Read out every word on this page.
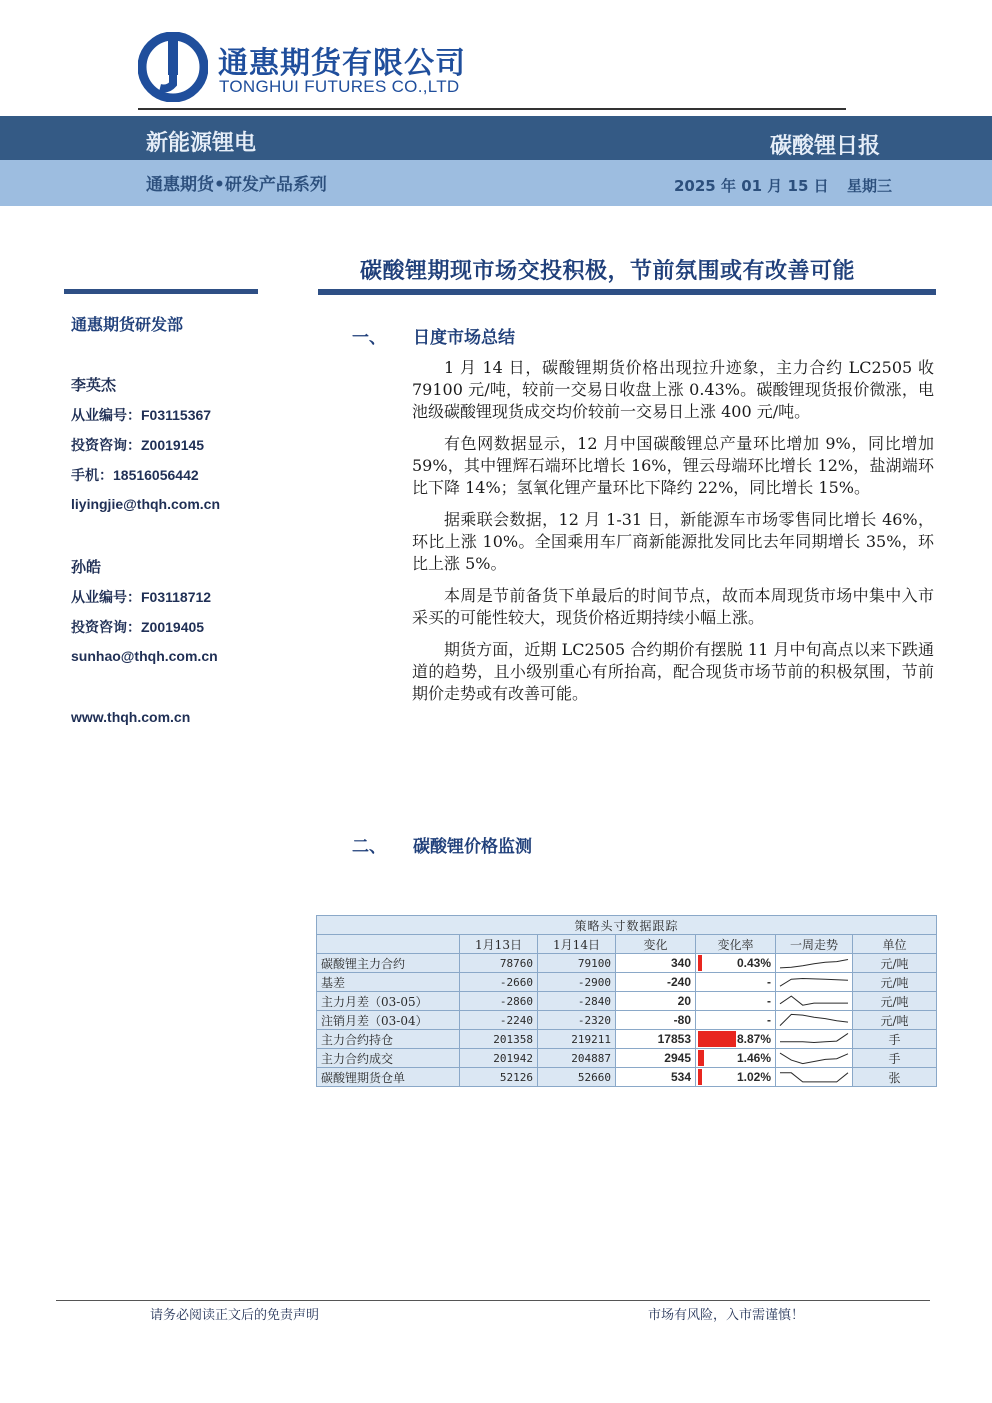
通惠期货有限公司
TONGHUI FUTURES CO.,LTD
新能源锂电	碳酸锂日报
通惠期货•研发产品系列	2025 年 01 月 15 日 星期三
碳酸锂期现市场交投积极，节前氛围或有改善可能
通惠期货研发部
李英杰
从业编号：F03115367
投资咨询：Z0019145
手机：18516056442
liyingjie@thqh.com.cn
孙皓
从业编号：F03118712
投资咨询：Z0019405
sunhao@thqh.com.cn
www.thqh.com.cn
一、 日度市场总结

1 月 14 日，碳酸锂期货价格出现拉升迹象，主力合约 LC2505 收 79100 元/吨，较前一交易日收盘上涨 0.43%。碳酸锂现货报价微涨，电池级碳酸锂现货成交均价较前一交易日上涨 400 元/吨。

有色网数据显示，12 月中国碳酸锂总产量环比增加 9%，同比增加 59%，其中锂辉石端环比增长 16%，锂云母端环比增长 12%，盐湖端环比下降 14%；氢氧化锂产量环比下降约 22%，同比增长 15%。

据乘联会数据，12 月 1-31 日，新能源车市场零售同比增长 46%，环比上涨 10%。全国乘用车厂商新能源批发同比去年同期增长 35%，环比上涨 5%。

本周是节前备货下单最后的时间节点，故而本周现货市场中集中入市采买的可能性较大，现货价格近期持续小幅上涨。

期货方面，近期 LC2505 合约期价有摆脱 11 月中旬高点以来下跌通道的趋势，且小级别重心有所抬高，配合现货市场节前的积极氛围，节前期价走势或有改善可能。

二、 碳酸锂价格监测
策略头寸数据跟踪						
	1月13日	1月14日	变化	变化率	一周走势	单位
碳酸锂主力合约	78760	79100	340	0.43%		元/吨
基差	-2660	-2900	-240	-		元/吨
主力月差（03-05）	-2860	-2840	20	-		元/吨
注销月差（03-04）	-2240	-2320	-80	-		元/吨
主力合约持仓	201358	219211	17853	8.87%		手
主力合约成交	201942	204887	2945	1.46%		手
碳酸锂期货仓单	52126	52660	534	1.02%		张
请务必阅读正文后的免责声明	市场有风险，入市需谨慎！
